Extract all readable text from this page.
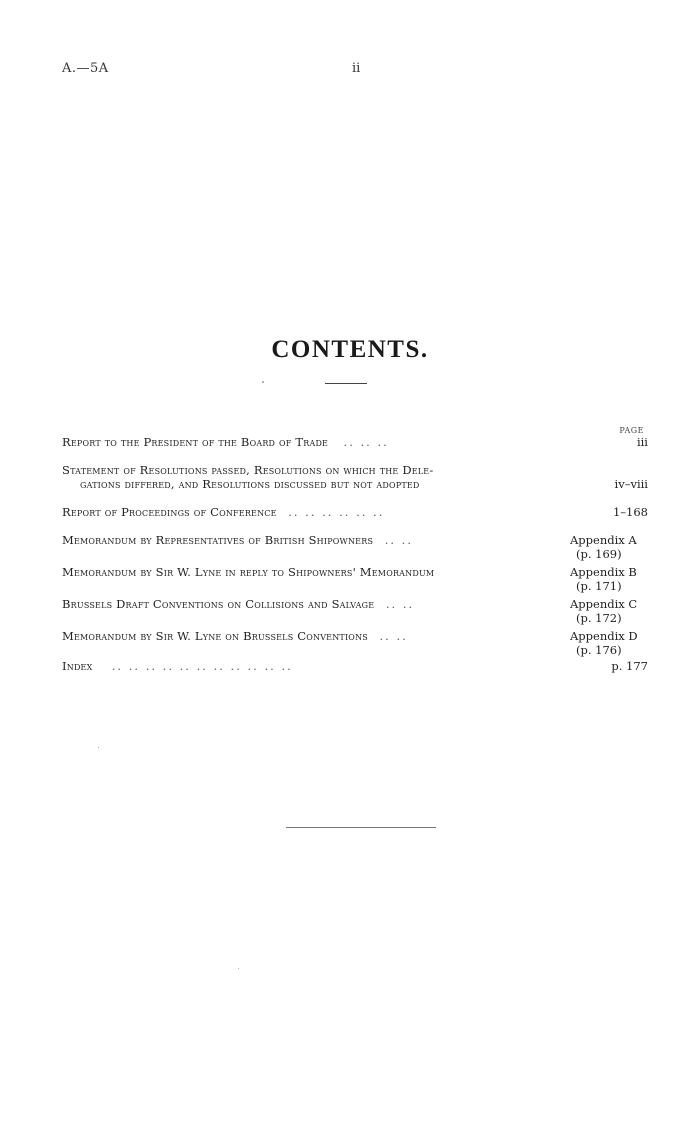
A.—5A	ii
CONTENTS.
PAGE
Report to the President of the Board of Trade .. .. ..	iii
Statement of Resolutions passed, Resolutions on which the Dele-
gations differed, and Resolutions discussed but not adopted	iv–viii
Report of Proceedings of Conference .. .. .. .. .. ..	1–168
Memorandum by Representatives of British Shipowners .. ..	Appendix A
(p. 169)
Memorandum by Sir W. Lyne in reply to Shipowners' Memorandum	Appendix B
(p. 171)
Brussels Draft Conventions on Collisions and Salvage .. ..	Appendix C
(p. 172)
Memorandum by Sir W. Lyne on Brussels Conventions .. ..	Appendix D
(p. 176)
Index .. .. .. .. .. .. .. .. .. .. ..	p. 177
